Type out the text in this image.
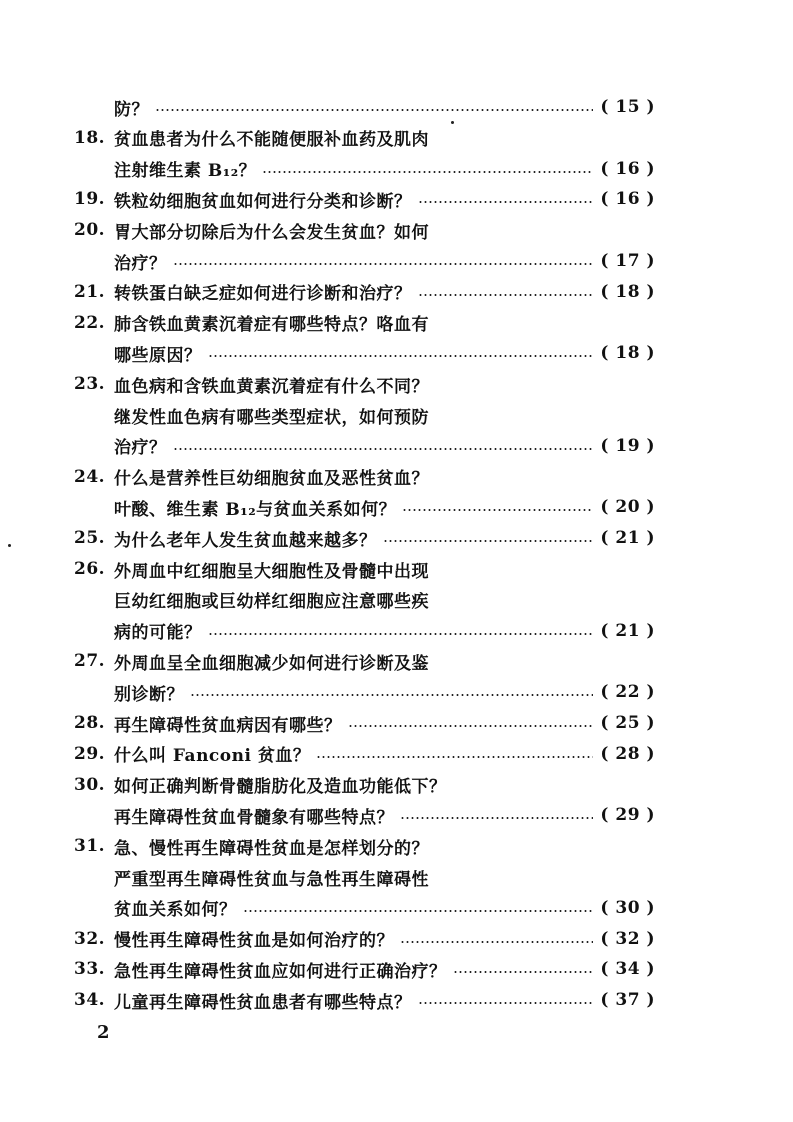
防？	( 15 )
18. 贫血患者为什么不能随便服补血药及肌肉
注射维生素 B₁₂？	( 16 )
19. 铁粒幼细胞贫血如何进行分类和诊断？	( 16 )
20. 胃大部分切除后为什么会发生贫血？如何
治疗？	( 17 )
21. 转铁蛋白缺乏症如何进行诊断和治疗？	( 18 )
22. 肺含铁血黄素沉着症有哪些特点？咯血有
哪些原因？	( 18 )
23. 血色病和含铁血黄素沉着症有什么不同？
继发性血色病有哪些类型症状，如何预防
治疗？	( 19 )
24. 什么是营养性巨幼细胞贫血及恶性贫血？
叶酸、维生素 B₁₂与贫血关系如何？	( 20 )
25. 为什么老年人发生贫血越来越多？	( 21 )
26. 外周血中红细胞呈大细胞性及骨髓中出现
巨幼红细胞或巨幼样红细胞应注意哪些疾
病的可能？	( 21 )
27. 外周血呈全血细胞减少如何进行诊断及鉴
别诊断？	( 22 )
28. 再生障碍性贫血病因有哪些？	( 25 )
29. 什么叫 Fanconi 贫血？	( 28 )
30. 如何正确判断骨髓脂肪化及造血功能低下？
再生障碍性贫血骨髓象有哪些特点？	( 29 )
31. 急、慢性再生障碍性贫血是怎样划分的？
严重型再生障碍性贫血与急性再生障碍性
贫血关系如何？	( 30 )
32. 慢性再生障碍性贫血是如何治疗的？	( 32 )
33. 急性再生障碍性贫血应如何进行正确治疗？	( 34 )
34. 儿童再生障碍性贫血患者有哪些特点？	( 37 )
2
